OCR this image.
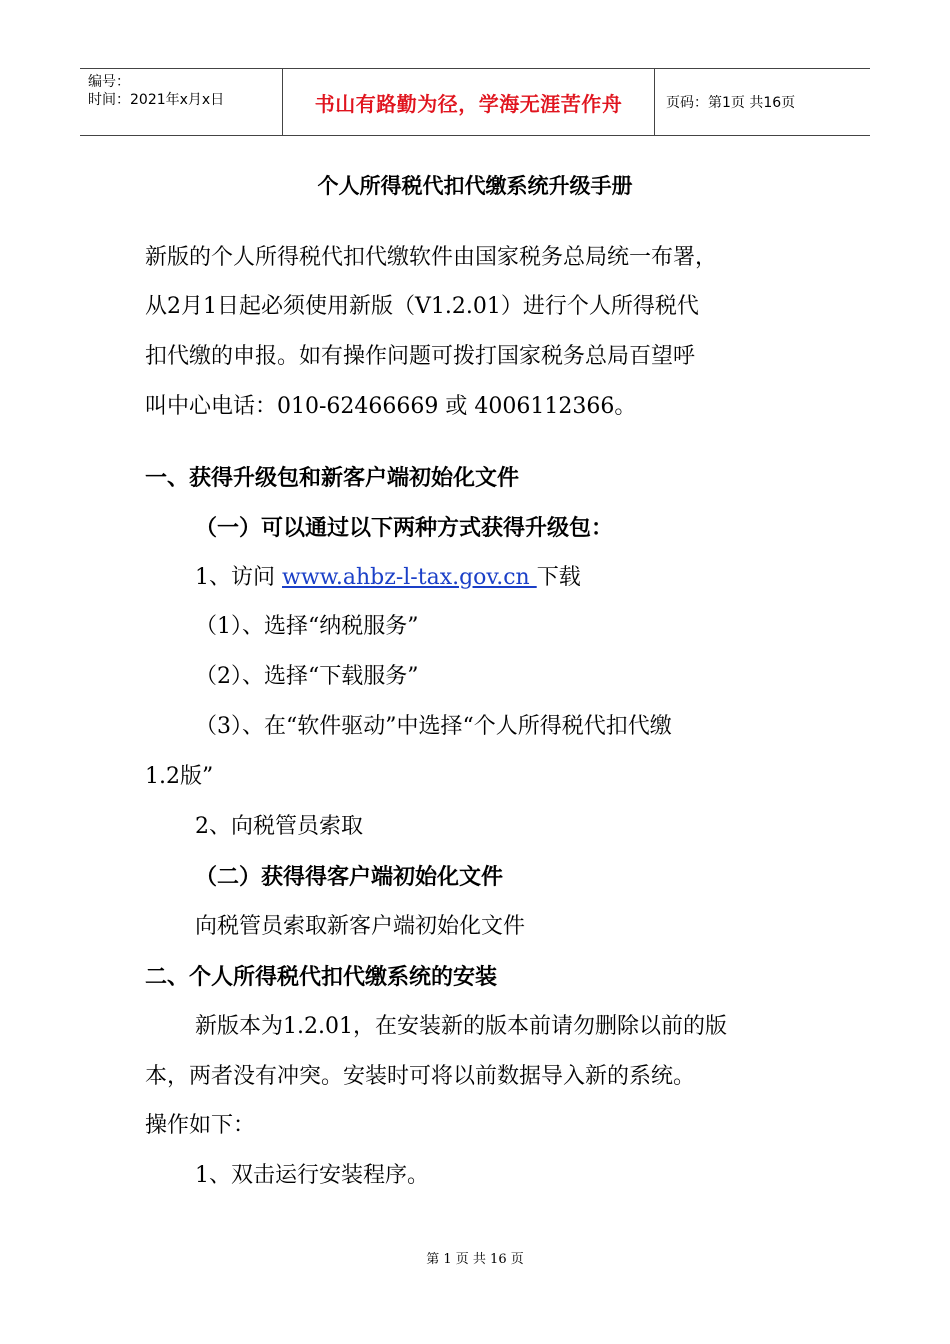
编号：
时间：2021年x月x日	书山有路勤为径，学海无涯苦作舟	页码：第1页 共16页
个人所得税代扣代缴系统升级手册
新版的个人所得税代扣代缴软件由国家税务总局统一布署，
从2月1日起必须使用新版（V1.2.01）进行个人所得税代
扣代缴的申报。如有操作问题可拨打国家税务总局百望呼
叫中心电话：010-62466669 或 4006112366。
一、获得升级包和新客户端初始化文件
（一）可以通过以下两种方式获得升级包：
1、访问 www.ahbz-l-tax.gov.cn 下载
（1）、选择“纳税服务”
（2）、选择“下载服务”
（3）、在“软件驱动”中选择“个人所得税代扣代缴
1.2版”
2、向税管员索取
（二）获得得客户端初始化文件
向税管员索取新客户端初始化文件
二、个人所得税代扣代缴系统的安装
新版本为1.2.01，在安装新的版本前请勿删除以前的版
本，两者没有冲突。安装时可将以前数据导入新的系统。
操作如下：
1、双击运行安装程序。
第 1 页 共 16 页
